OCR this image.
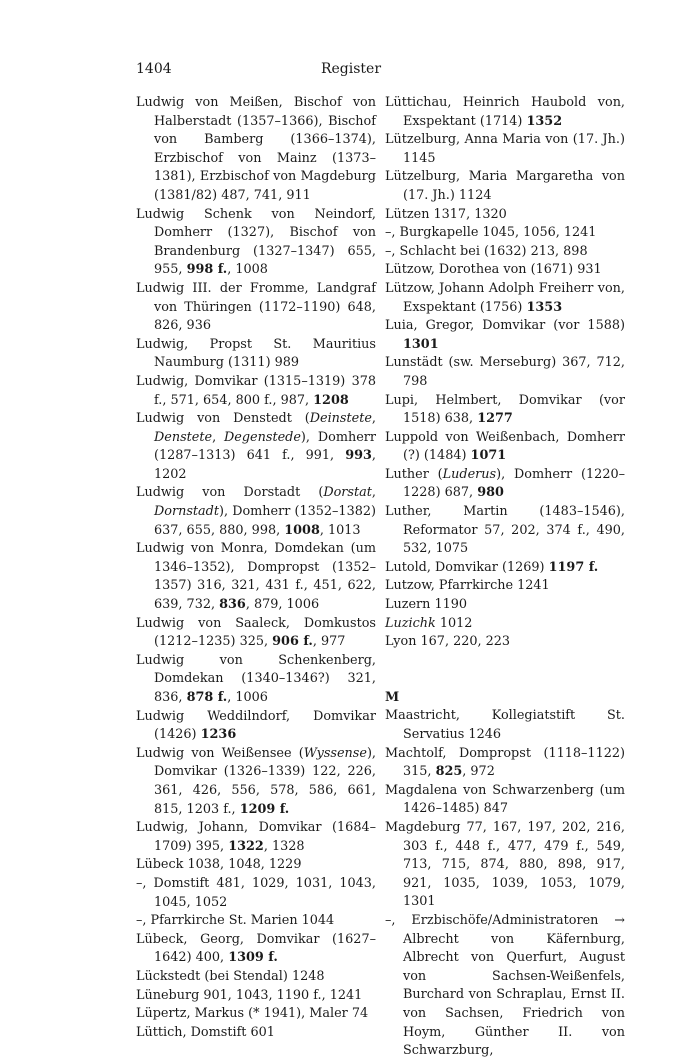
1404	Register
Ludwig von Meißen, Bischof von Halberstadt (1357–1366), Bischof von Bamberg (1366–1374), Erzbischof von Mainz (1373–1381), Erzbischof von Magdeburg (1381/82) 487, 741, 911
Ludwig Schenk von Neindorf, Domherr (1327), Bischof von Brandenburg (1327–1347) 655, 955, 998 f., 1008
Ludwig III. der Fromme, Landgraf von Thüringen (1172–1190) 648, 826, 936
Ludwig, Propst St. Mauritius Naumburg (1311) 989
Ludwig, Domvikar (1315–1319) 378 f., 571, 654, 800 f., 987, 1208
Ludwig von Denstedt (Deinstete, Denstete, Degenstede), Domherr (1287–1313) 641 f., 991, 993, 1202
Ludwig von Dorstadt (Dorstat, Dornstadt), Domherr (1352–1382) 637, 655, 880, 998, 1008, 1013
Ludwig von Monra, Domdekan (um 1346–1352), Dompropst (1352–1357) 316, 321, 431 f., 451, 622, 639, 732, 836, 879, 1006
Ludwig von Saaleck, Domkustos (1212–1235) 325, 906 f., 977
Ludwig von Schenkenberg, Domdekan (1340–1346?) 321, 836, 878 f., 1006
Ludwig Weddilndorf, Domvikar (1426) 1236
Ludwig von Weißensee (Wyssense), Domvikar (1326–1339) 122, 226, 361, 426, 556, 578, 586, 661, 815, 1203 f., 1209 f.
Ludwig, Johann, Domvikar (1684–1709) 395, 1322, 1328
Lübeck 1038, 1048, 1229
–, Domstift 481, 1029, 1031, 1043, 1045, 1052
–, Pfarrkirche St. Marien 1044
Lübeck, Georg, Domvikar (1627–1642) 400, 1309 f.
Lückstedt (bei Stendal) 1248
Lüneburg 901, 1043, 1190 f., 1241
Lüpertz, Markus (* 1941), Maler 74
Lüttich, Domstift 601
Lüttichau, Heinrich Haubold von, Exspektant (1714) 1352
Lützelburg, Anna Maria von (17. Jh.) 1145
Lützelburg, Maria Margaretha von (17. Jh.) 1124
Lützen 1317, 1320
–, Burgkapelle 1045, 1056, 1241
–, Schlacht bei (1632) 213, 898
Lützow, Dorothea von (1671) 931
Lützow, Johann Adolph Freiherr von, Exspektant (1756) 1353
Luia, Gregor, Domvikar (vor 1588) 1301
Lunstädt (sw. Merseburg) 367, 712, 798
Lupi, Helmbert, Domvikar (vor 1518) 638, 1277
Luppold von Weißenbach, Domherr (?) (1484) 1071
Luther (Luderus), Domherr (1220–1228) 687, 980
Luther, Martin (1483–1546), Reformator 57, 202, 374 f., 490, 532, 1075
Lutold, Domvikar (1269) 1197 f.
Lutzow, Pfarrkirche 1241
Luzern 1190
Luzichk 1012
Lyon 167, 220, 223
M
Maastricht, Kollegiatstift St. Servatius 1246
Machtolf, Dompropst (1118–1122) 315, 825, 972
Magdalena von Schwarzenberg (um 1426–1485) 847
Magdeburg 77, 167, 197, 202, 216, 303 f., 448 f., 477, 479 f., 549, 713, 715, 874, 880, 898, 917, 921, 1035, 1039, 1053, 1079, 1301
–, Erzbischöfe/Administratoren → Albrecht von Käfernburg, Albrecht von Querfurt, August von Sachsen-Weißenfels, Burchard von Schraplau, Ernst II. von Sachsen, Friedrich von Hoym, Günther II. von Schwarzburg,
